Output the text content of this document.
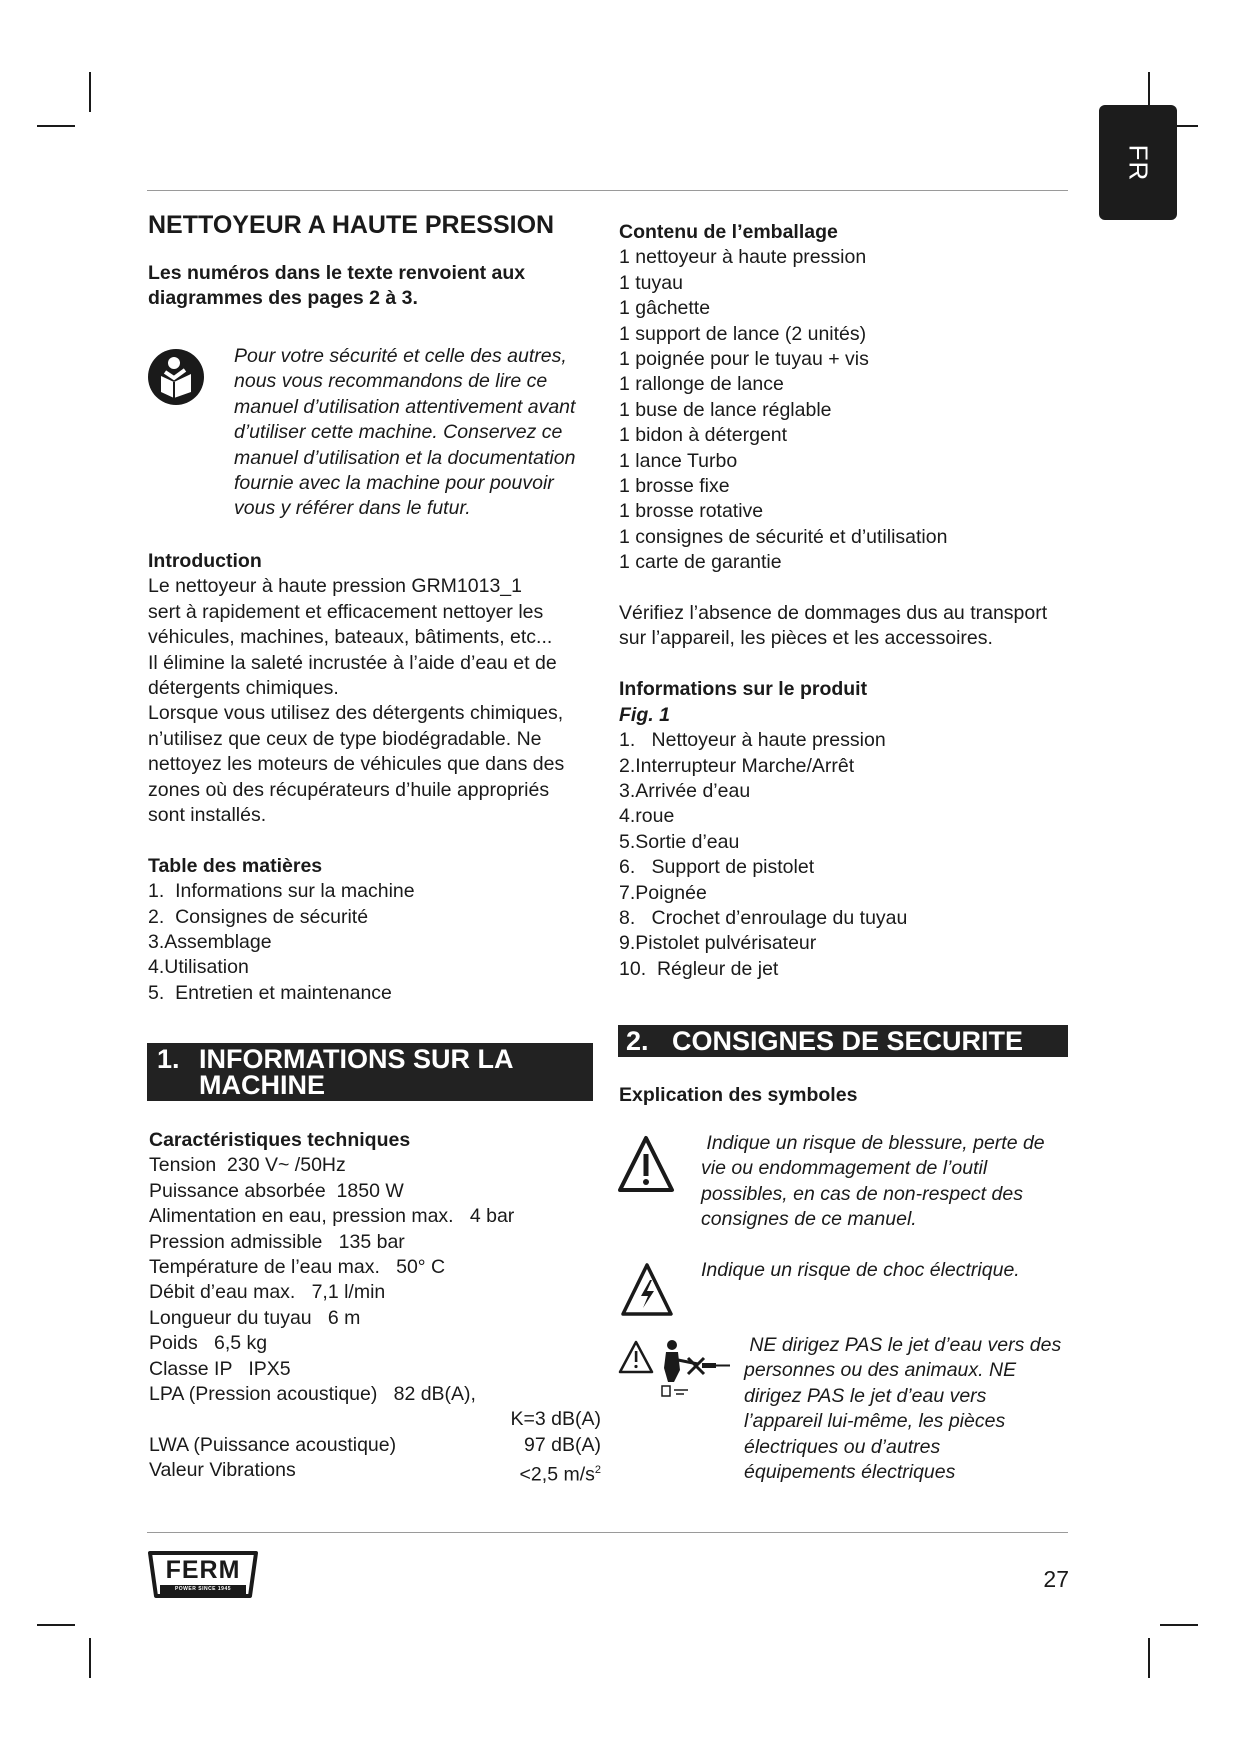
FR

NETTOYEUR A HAUTE PRESSION

Les numéros dans le texte renvoient aux

diagrammes des pages 2 à 3.

Pour votre sécurité et celle des autres,

nous vous recommandons de lire ce

manuel d’utilisation attentivement avant

d’utiliser cette machine. Conservez ce

manuel d’utilisation et la documentation

fournie avec la machine pour pouvoir

vous y référer dans le futur.

Introduction

Le nettoyeur à haute pression GRM1013_1

sert à rapidement et efficacement nettoyer les

véhicules, machines, bateaux, bâtiments, etc...

Il élimine la saleté incrustée à l’aide d’eau et de

détergents chimiques.

Lorsque vous utilisez des détergents chimiques,

n’utilisez que ceux de type biodégradable. Ne

nettoyez les moteurs de véhicules que dans des

zones où des récupérateurs d’huile appropriés

sont installés.

Table des matières

1.  Informations sur la machine

2.  Consignes de sécurité

3.Assemblage

4.Utilisation

5.  Entretien et maintenance

1. INFORMATIONS SUR LA
MACHINE

Caractéristiques techniques

Tension  230 V~ /50Hz

Puissance absorbée  1850 W

Alimentation en eau, pression max.   4 bar

Pression admissible   135 bar

Température de l’eau max.   50° C

Débit d’eau max.   7,1 l/min

Longueur du tuyau   6 m

Poids   6,5 kg

Classe IP   IPX5

LPA (Pression acoustique)   82 dB(A),

K=3 dB(A)
LWA (Puissance acoustique)	97 dB(A)
Valeur Vibrations	<2,5 $m/s^2$

Contenu de l’emballage

1 nettoyeur à haute pression

1 tuyau

1 gâchette

1 support de lance (2 unités)

1 poignée pour le tuyau + vis

1 rallonge de lance

1 buse de lance réglable

1 bidon à détergent

1 lance Turbo

1 brosse fixe

1 brosse rotative

1 consignes de sécurité et d’utilisation

1 carte de garantie

Vérifiez l’absence de dommages dus au transport

sur l’appareil, les pièces et les accessoires.

Informations sur le produit

Fig. 1

1.   Nettoyeur à haute pression

2.Interrupteur Marche/Arrêt

3.Arrivée d’eau

4.roue

5.Sortie d’eau

6.   Support de pistolet

7.Poignée

8.   Crochet d’enroulage du tuyau

9.Pistolet pulvérisateur

10.  Régleur de jet

2. CONSIGNES DE SECURITE

Explication des symboles

Indique un risque de blessure, perte de

vie ou endommagement de l’outil

possibles, en cas de non-respect des

consignes de ce manuel.

Indique un risque de choc électrique.

NE dirigez PAS le jet d’eau vers des

personnes ou des animaux. NE

dirigez PAS le jet d’eau vers

l’appareil lui-même, les pièces

électriques ou d’autres

équipements électriques

FERM
POWER SINCE 1945	27
